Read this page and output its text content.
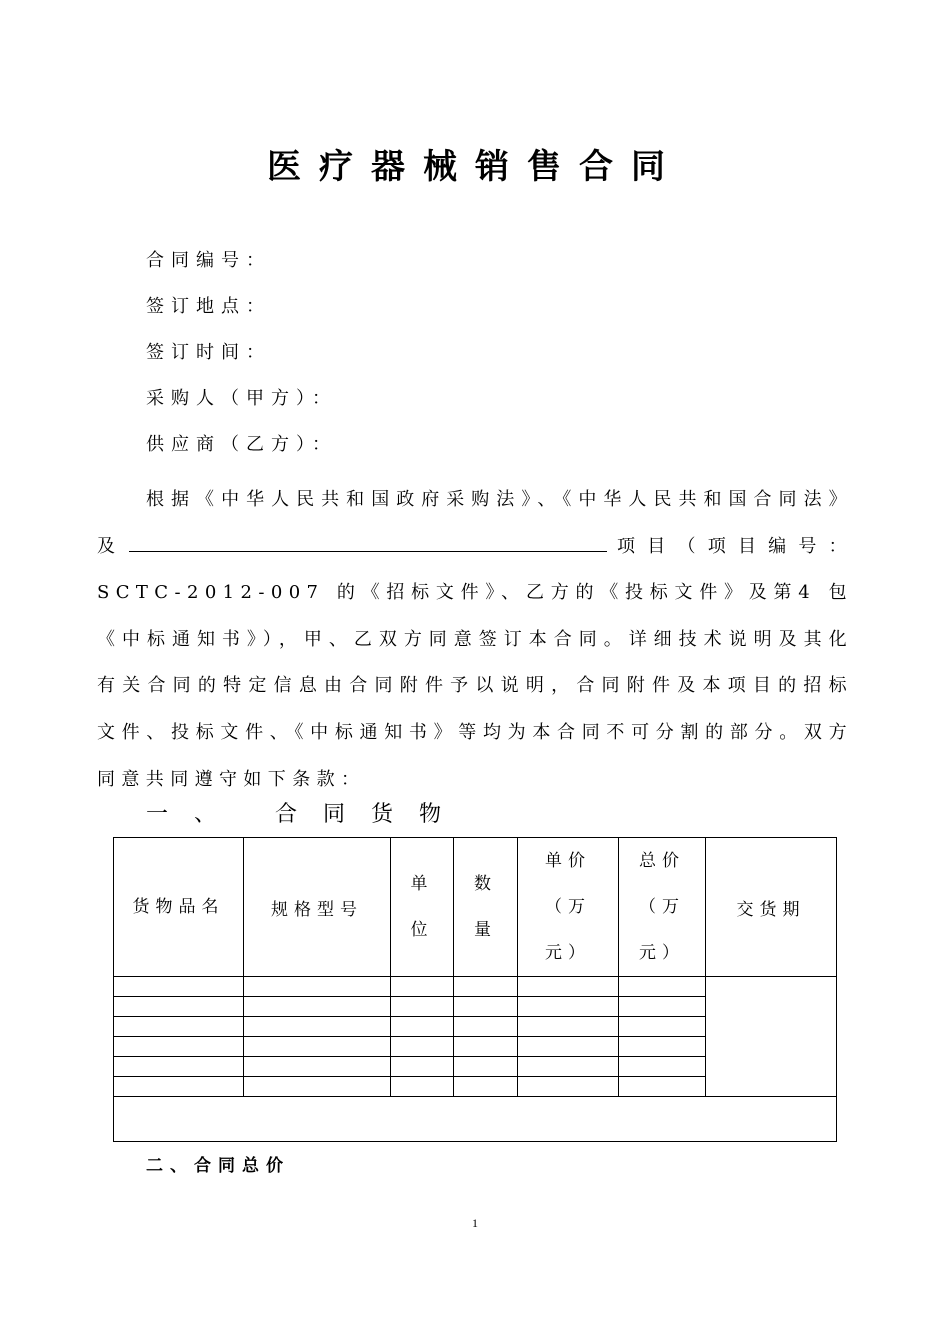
医疗器械销售合同
合同编号：
签订地点：
签订时间：
采购人（甲方）：
供应商（乙方）：
根据《中华人民共和国政府采购法》、《中华人民共和国合同法》及	项目（项目编号：SCTC-2012-007 的《招标文件》、乙方的《投标文件》及第4 包《中标通知书》），甲、乙双方同意签订本合同。详细技术说明及其化有关合同的特定信息由合同附件予以说明，合同附件及本项目的招标文件、投标文件、《中标通知书》等均为本合同不可分割的部分。双方同意共同遵守如下条款：
一、 合同货物
货物品名	规格型号	单位	数量	单价（万元）	总价（万元）	交货期

二、合同总价
1
